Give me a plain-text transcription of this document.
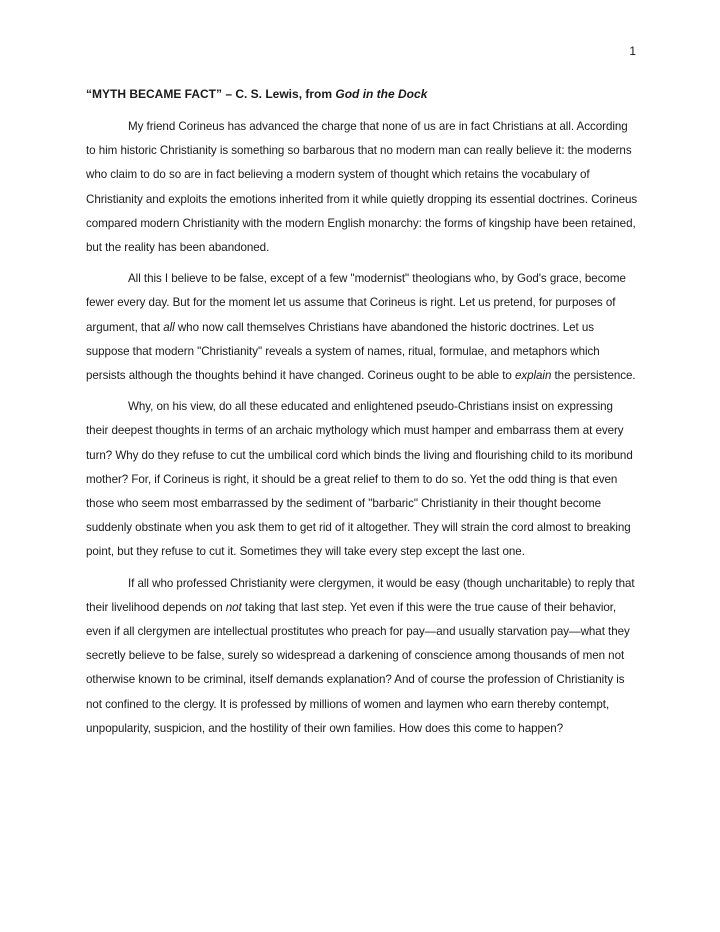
1
“MYTH BECAME FACT” – C. S. Lewis, from God in the Dock

My friend Corineus has advanced the charge that none of us are in fact Christians at all. According to him historic Christianity is something so barbarous that no modern man can really believe it: the moderns who claim to do so are in fact believing a modern system of thought which retains the vocabulary of Christianity and exploits the emotions inherited from it while quietly dropping its essential doctrines. Corineus compared modern Christianity with the modern English monarchy: the forms of kingship have been retained, but the reality has been abandoned.

All this I believe to be false, except of a few "modernist" theologians who, by God's grace, become fewer every day. But for the moment let us assume that Corineus is right. Let us pretend, for purposes of argument, that all who now call themselves Christians have abandoned the historic doctrines. Let us suppose that modern "Christianity" reveals a system of names, ritual, formulae, and metaphors which persists although the thoughts behind it have changed. Corineus ought to be able to explain the persistence.

Why, on his view, do all these educated and enlightened pseudo-Christians insist on expressing their deepest thoughts in terms of an archaic mythology which must hamper and embarrass them at every turn? Why do they refuse to cut the umbilical cord which binds the living and flourishing child to its moribund mother? For, if Corineus is right, it should be a great relief to them to do so. Yet the odd thing is that even those who seem most embarrassed by the sediment of "barbaric" Christianity in their thought become suddenly obstinate when you ask them to get rid of it altogether. They will strain the cord almost to breaking point, but they refuse to cut it. Sometimes they will take every step except the last one.

If all who professed Christianity were clergymen, it would be easy (though uncharitable) to reply that their livelihood depends on not taking that last step. Yet even if this were the true cause of their behavior, even if all clergymen are intellectual prostitutes who preach for pay—and usually starvation pay—what they secretly believe to be false, surely so widespread a darkening of conscience among thousands of men not otherwise known to be criminal, itself demands explanation? And of course the profession of Christianity is not confined to the clergy. It is professed by millions of women and laymen who earn thereby contempt, unpopularity, suspicion, and the hostility of their own families. How does this come to happen?
